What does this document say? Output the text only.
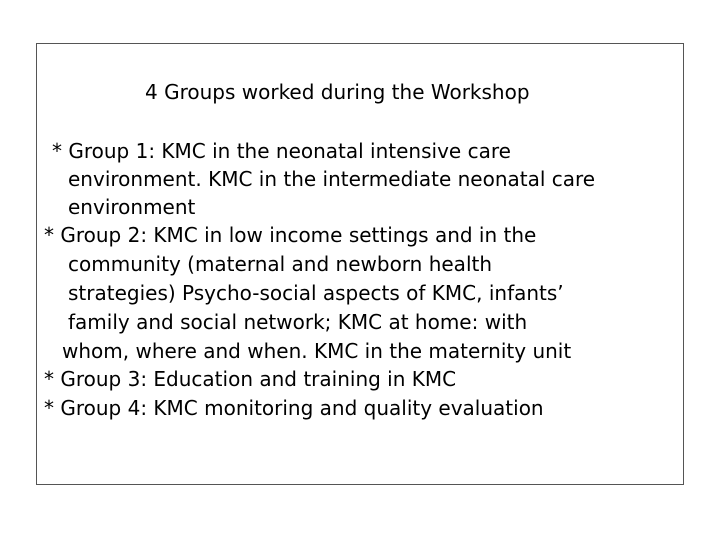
4 Groups worked during the Workshop
* Group 1: KMC in the neonatal intensive care
environment. KMC in the intermediate neonatal care
environment
* Group 2: KMC in low income settings and in the
community (maternal and newborn health
strategies) Psycho-social aspects of KMC, infants’
family and social network; KMC at home: with
whom, where and when. KMC in the maternity unit
* Group 3: Education and training in KMC
* Group 4: KMC monitoring and quality evaluation
